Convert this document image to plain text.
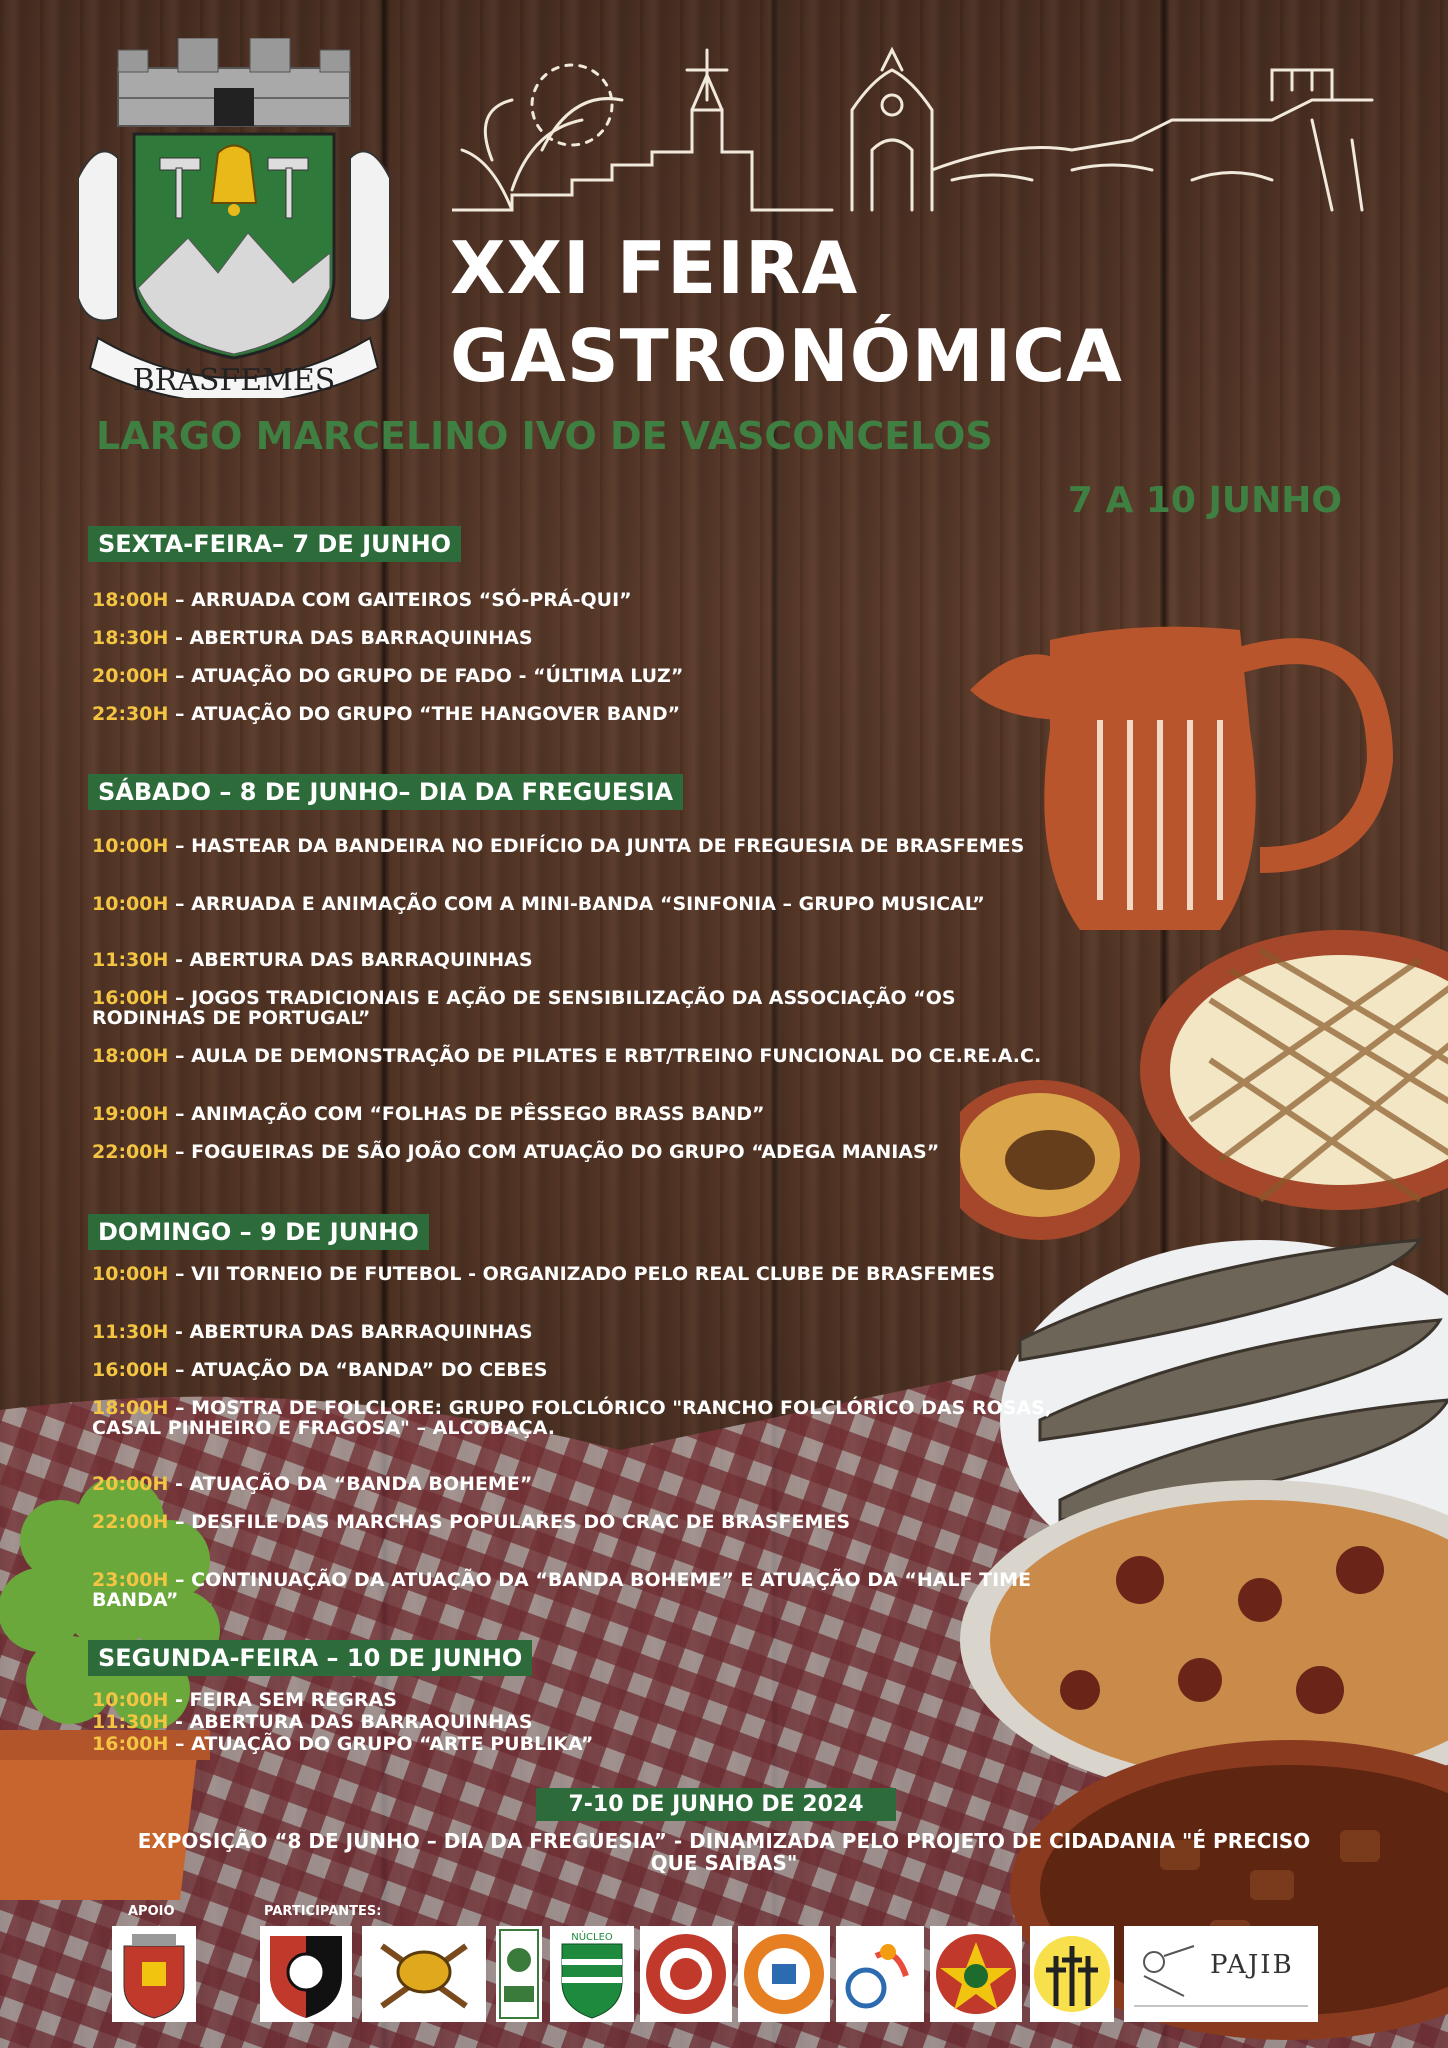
BRASFEMES
XXI FEIRA
GASTRONÓMICA
LARGO MARCELINO IVO DE VASCONCELOS
7 A 10 JUNHO
SEXTA-FEIRA– 7 DE JUNHO
18:00H – ARRUADA COM GAITEIROS “SÓ-PRÁ-QUI”
18:30H - ABERTURA DAS BARRAQUINHAS
20:00H – ATUAÇÃO DO GRUPO DE FADO - “ÚLTIMA LUZ”
22:30H – ATUAÇÃO DO GRUPO “THE HANGOVER BAND”
SÁBADO – 8 DE JUNHO– DIA DA FREGUESIA
10:00H – HASTEAR DA BANDEIRA NO EDIFÍCIO DA JUNTA DE FREGUESIA DE BRASFEMES
10:00H – ARRUADA E ANIMAÇÃO COM A MINI-BANDA “SINFONIA – GRUPO MUSICAL”
11:30H - ABERTURA DAS BARRAQUINHAS
16:00H – JOGOS TRADICIONAIS E AÇÃO DE SENSIBILIZAÇÃO DA ASSOCIAÇÃO “OS RODINHAS DE PORTUGAL”
18:00H – AULA DE DEMONSTRAÇÃO DE PILATES E RBT/TREINO FUNCIONAL DO CE.RE.A.C.
19:00H – ANIMAÇÃO COM “FOLHAS DE PÊSSEGO BRASS BAND”
22:00H – FOGUEIRAS DE SÃO JOÃO COM ATUAÇÃO DO GRUPO “ADEGA MANIAS”
DOMINGO – 9 DE JUNHO
10:00H – VII TORNEIO DE FUTEBOL - ORGANIZADO PELO REAL CLUBE DE BRASFEMES
11:30H - ABERTURA DAS BARRAQUINHAS
16:00H – ATUAÇÃO DA “BANDA” DO CEBES
18:00H – MOSTRA DE FOLCLORE: GRUPO FOLCLÓRICO "RANCHO FOLCLÓRICO DAS ROSAS, CASAL PINHEIRO E FRAGOSA" – ALCOBAÇA.
20:00H - ATUAÇÃO DA “BANDA BOHEME”
22:00H – DESFILE DAS MARCHAS POPULARES DO CRAC DE BRASFEMES
23:00H – CONTINUAÇÃO DA ATUAÇÃO DA “BANDA BOHEME” E ATUAÇÃO DA “HALF TIME BANDA”
SEGUNDA-FEIRA – 10 DE JUNHO
10:00H - FEIRA SEM REGRAS
11:30H - ABERTURA DAS BARRAQUINHAS
16:00H – ATUAÇÃO DO GRUPO “ARTE PUBLIKA”
7-10 DE JUNHO DE 2024
EXPOSIÇÃO “8 DE JUNHO – DIA DA FREGUESIA” - DINAMIZADA PELO PROJETO DE CIDADANIA "É PRECISO QUE SAIBAS"
APOIO	PARTICIPANTES:
NÚCLEO
PAJIB
